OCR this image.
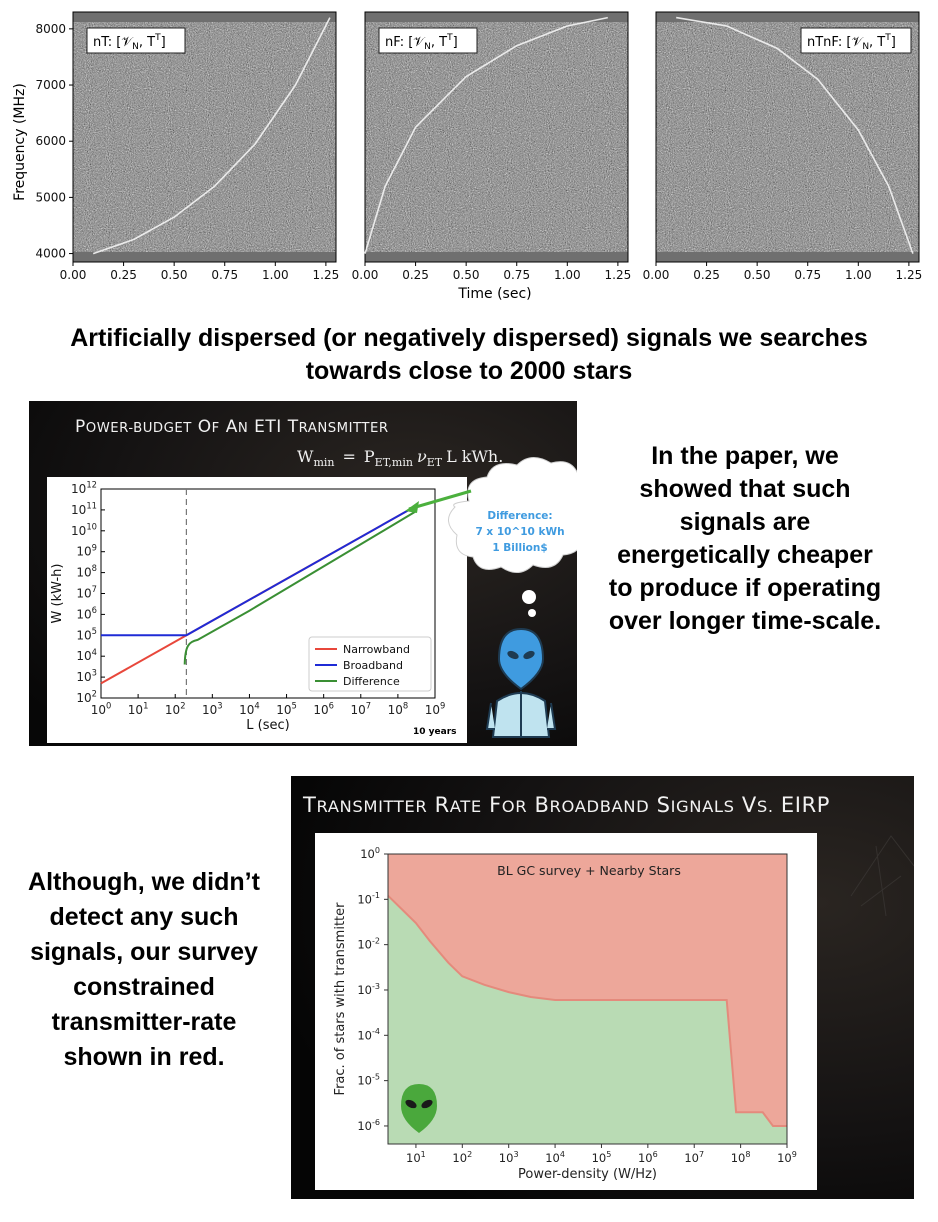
0.00 0.25 0.50 0.75 1.00 1.25
4000
5000
6000
7000
8000
nT: [𝒱$_N$, $T^T$]
0.00 0.25 0.50 0.75 1.00 1.25
nF: [𝒱$_N$, $T^T$]
0.00 0.25 0.50 0.75 1.00 1.25
nTnF: [𝒱$_N$, $T^T$]
Frequency (MHz)
Time (sec)
Artificially dispersed (or negatively dispersed) signals we searches towards close to 2000 stars
POWER-BUDGET OF AN ETI TRANSMITTER
$W_{min} = P_{ET,min}$ $\nu_{ET}$ L kWh.
$10^0$ $10^1$ $10^2$ $10^3$ $10^4$ $10^5$ $10^6$ $10^7$ $10^8$ $10^9$
$10^2$
$10^3$
$10^4$
$10^5$
$10^6$
$10^7$
$10^8$
$10^9$
$10^{10}$
$10^{11}$
$10^{12}$
L (sec)
W (kW-h)
Narrowband
Broadband
Difference
Difference:
7 x 10^10 kWh
1 Billion$
10 years
In the paper, we showed that such signals are energetically cheaper to produce if operating over longer time-scale.
TRANSMITTER RATE FOR BROADBAND SIGNALS VS. EIRP
$10^1$ $10^2$ $10^3$ $10^4$ $10^5$ $10^6$ $10^7$ $10^8$ $10^9$
$10^0$
$10^{-1}$
$10^{-2}$
$10^{-3}$
$10^{-4}$
$10^{-5}$
$10^{-6}$
Power-density (W/Hz)
Frac. of stars with transmitter
BL GC survey + Nearby Stars
Although, we didn’t detect any such signals, our survey constrained transmitter-rate shown in red.
